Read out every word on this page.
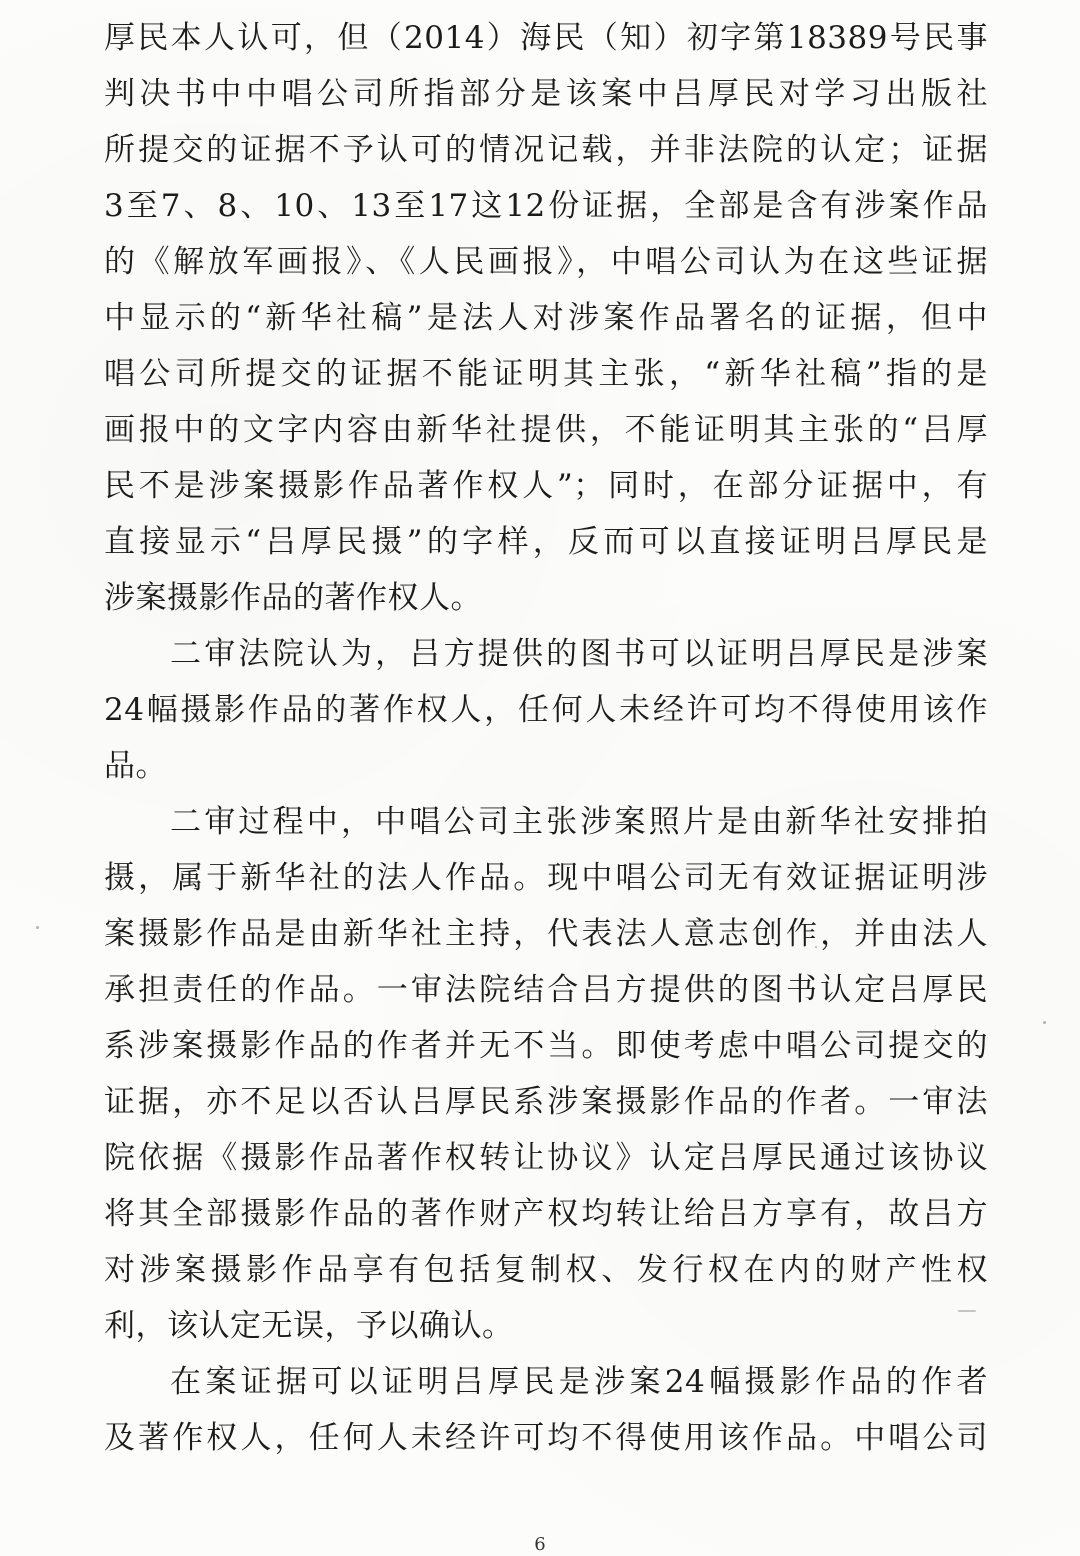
厚民本人认可，但（2014）海民（知）初字第18389号民事
判决书中中唱公司所指部分是该案中吕厚民对学习出版社
所提交的证据不予认可的情况记载，并非法院的认定；证据
3至7、8、10、13至17这12份证据，全部是含有涉案作品
的《解放军画报》、《人民画报》，中唱公司认为在这些证据
中显示的“新华社稿”是法人对涉案作品署名的证据，但中
唱公司所提交的证据不能证明其主张，“新华社稿”指的是
画报中的文字内容由新华社提供，不能证明其主张的“吕厚
民不是涉案摄影作品著作权人”；同时，在部分证据中，有
直接显示“吕厚民摄”的字样，反而可以直接证明吕厚民是
涉案摄影作品的著作权人。
二审法院认为，吕方提供的图书可以证明吕厚民是涉案
24幅摄影作品的著作权人，任何人未经许可均不得使用该作
品。
二审过程中，中唱公司主张涉案照片是由新华社安排拍
摄，属于新华社的法人作品。现中唱公司无有效证据证明涉
案摄影作品是由新华社主持，代表法人意志创作，并由法人
承担责任的作品。一审法院结合吕方提供的图书认定吕厚民
系涉案摄影作品的作者并无不当。即使考虑中唱公司提交的
证据，亦不足以否认吕厚民系涉案摄影作品的作者。一审法
院依据《摄影作品著作权转让协议》认定吕厚民通过该协议
将其全部摄影作品的著作财产权均转让给吕方享有，故吕方
对涉案摄影作品享有包括复制权、发行权在内的财产性权
利，该认定无误，予以确认。
在案证据可以证明吕厚民是涉案24幅摄影作品的作者
及著作权人，任何人未经许可均不得使用该作品。中唱公司
6
